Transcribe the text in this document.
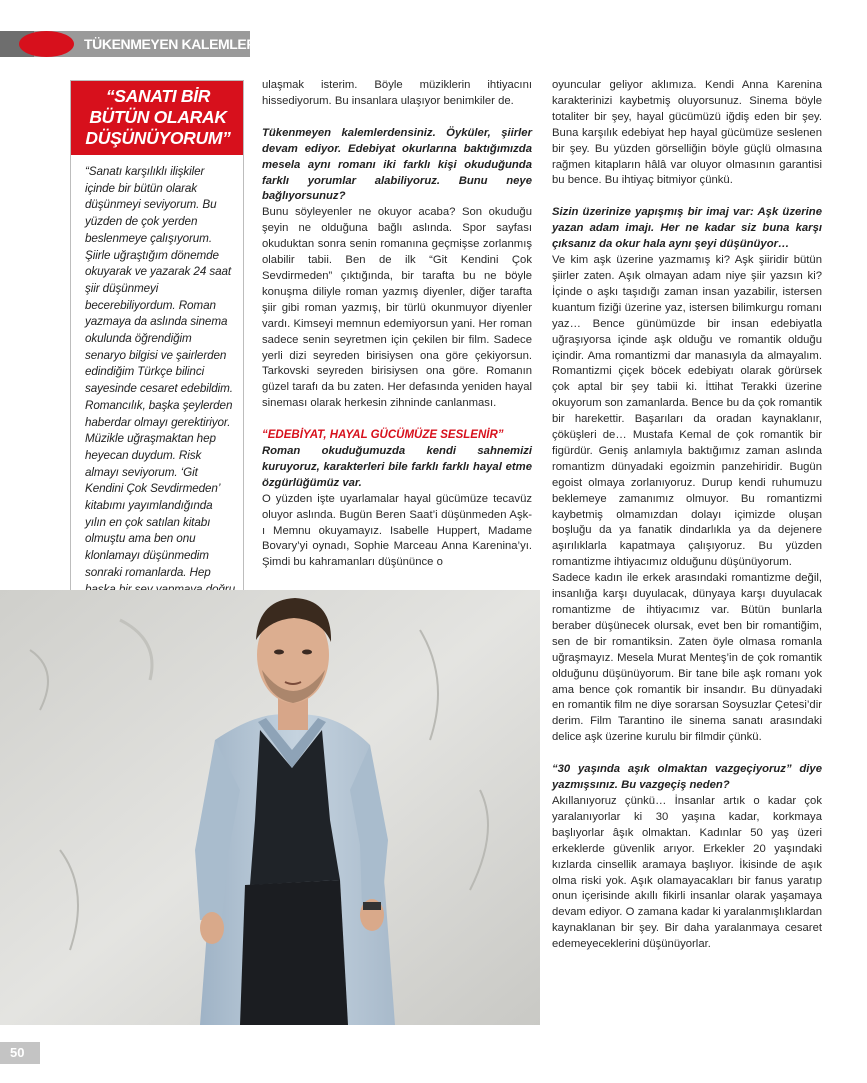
TÜKENMEYEN KALEMLER
“SANATI BİR BÜTÜN OLARAK DÜŞÜNÜYORUM”
“Sanatı karşılıklı ilişkiler içinde bir bütün olarak düşünmeyi seviyorum. Bu yüzden de çok yerden beslenmeye çalışıyorum. Şiirle uğraştığım dönemde okuyarak ve yazarak 24 saat şiir düşünmeyi becerebiliyordum. Roman yazmaya da aslında sinema okulunda öğrendiğim senaryo bilgisi ve şairlerden edindiğim Türkçe bilinci sayesinde cesaret edebildim. Romancılık, başka şeylerden haberdar olmayı gerektiriyor. Müzikle uğraşmaktan hep heyecan duydum. Risk almayı seviyorum. ‘Git Kendini Çok Sevdirmeden’ kitabımı yayımlandığında yılın en çok satılan kitabı olmuştu ama ben onu klonlamayı düşünmedim sonraki romanlarda. Hep

ulaşmak isterim. Böyle müziklerin ihtiyacını hissediyorum. Bu insanlara ulaşıyor benimkiler de.

Tükenmeyen kalemlerdensiniz. Öyküler, şiirler devam ediyor. Edebiyat okurlarına baktığımızda mesela aynı romanı iki farklı kişi okuduğunda farklı yorumlar alabiliyoruz. Bunu neye bağlıyorsunuz?

Bunu söyleyenler ne okuyor acaba? Son okuduğu şeyin ne olduğuna bağlı aslında. Spor sayfası okuduktan sonra senin romanına geçmişse zorlanmış olabilir tabii. Ben de ilk “Git Kendini Çok Sevdirmeden” çıktığında, bir tarafta bu ne böyle konuşma diliyle roman yazmış diyenler, diğer tarafta şiir gibi roman yazmış, bir türlü okunmuyor diyenler vardı. Kimseyi memnun edemiyorsun yani. Her roman sadece senin seyretmen için çekilen bir film. Sadece yerli dizi seyreden birisiysen ona göre çekiyorsun. Tarkovski seyreden birisiysen ona göre. Romanın güzel tarafı da bu zaten. Her defasında yeniden hayal sineması olarak herkesin zihninde canlanması.

“EDEBİYAT, HAYAL GÜCÜMÜZE SESLENİR”

Roman okuduğumuzda kendi sahnemizi kuruyoruz, karakterleri bile farklı farklı hayal etme özgürlüğümüz var.

O yüzden işte uyarlamalar hayal gücümüze tecavüz oluyor aslında. Bugün Beren Saat’i düşünmeden Aşk-ı Memnu okuyamayız. Isabelle Huppert, Madame Bovary’yi oynadı, Sophie Marceau Anna Karenina’yı. Şimdi bu kahramanları düşününce o

oyuncular geliyor aklımıza. Kendi Anna Karenina karakterinizi kaybetmiş oluyorsunuz. Sinema böyle totaliter bir şey, hayal gücümüzü iğdiş eden bir şey. Buna karşılık edebiyat hep hayal gücümüze seslenen bir şey. Bu yüzden görselliğin böyle güçlü olmasına rağmen kitapların hâlâ var oluyor olmasının garantisi bu bence. Bu ihtiyaç bitmiyor çünkü.

Sizin üzerinize yapışmış bir imaj var: Aşk üzerine yazan adam imajı. Her ne kadar siz buna karşı çıksanız da okur hala aynı şeyi düşünüyor…

Ve kim aşk üzerine yazmamış ki? Aşk şiiridir bütün şiirler zaten. Aşık olmayan adam niye şiir yazsın ki? İçinde o aşkı taşıdığı zaman insan yazabilir, istersen kuantum fiziği üzerine yaz, istersen bilimkurgu romanı yaz… Bence günümüzde bir insan edebiyatla uğraşıyorsa içinde aşk olduğu ve romantik olduğu içindir. Ama romantizmi dar manasıyla da almayalım. Romantizmi çiçek böcek edebiyatı olarak görürsek çok aptal bir şey tabii ki. İttihat Terakki üzerine okuyorum son zamanlarda. Bence bu da çok romantik bir harekettir. Başarıları da oradan kaynaklanır, çöküşleri de… Mustafa Kemal de çok romantik bir figürdür. Geniş anlamıyla baktığımız zaman aslında romantizm dünyadaki egoizmin panzehiridir. Bugün egoist olmaya zorlanıyoruz. Durup kendi ruhumuzu beklemeye zamanımız olmuyor. Bu romantizmi kaybetmiş olmamızdan dolayı içimizde oluşan boşluğu da ya fanatik dindarlıkla ya da dejenere aşırılıklarla kapatmaya çalışıyoruz. Bu yüzden romantizme ihtiyacımız olduğunu düşünüyorum.

Sadece kadın ile erkek arasındaki romantizme değil, insanlığa karşı duyulacak, dünyaya karşı duyulacak romantizme de ihtiyacımız var. Bütün bunlarla beraber düşünecek olursak, evet ben bir romantiğim, sen de bir romantiksin. Zaten öyle olmasa romanla uğraşmayız. Mesela Murat Menteş’in de çok romantik olduğunu düşünüyorum. Bir tane bile aşk romanı yok ama bence çok romantik bir insandır. Bu dünyadaki en romantik film ne diye sorarsan Soysuzlar Çetesi’dir derim. Film Tarantino ile sinema sanatı arasındaki delice aşk üzerine kurulu bir filmdir çünkü.

“30 yaşında aşık olmaktan vazgeçiyoruz” diye yazmışsınız. Bu vazgeçiş neden?

Akıllanıyoruz çünkü… İnsanlar artık o kadar çok yaralanıyorlar ki 30 yaşına kadar, korkmaya başlıyorlar âşık olmaktan. Kadınlar 50 yaş üzeri erkeklerde güvenlik arıyor. Erkekler 20 yaşındaki kızlarda cinsellik aramaya başlıyor. İkisinde de aşık olma riski yok. Aşık olamayacakları bir fanus yaratıp onun içerisinde akıllı fikirli insanlar olarak yaşamaya devam ediyor. O zamana kadar ki yaralanmışlıklardan kaynaklanan bir şey. Bir daha yaralanmaya cesaret edemeyeceklerini düşünüyorlar.

50
